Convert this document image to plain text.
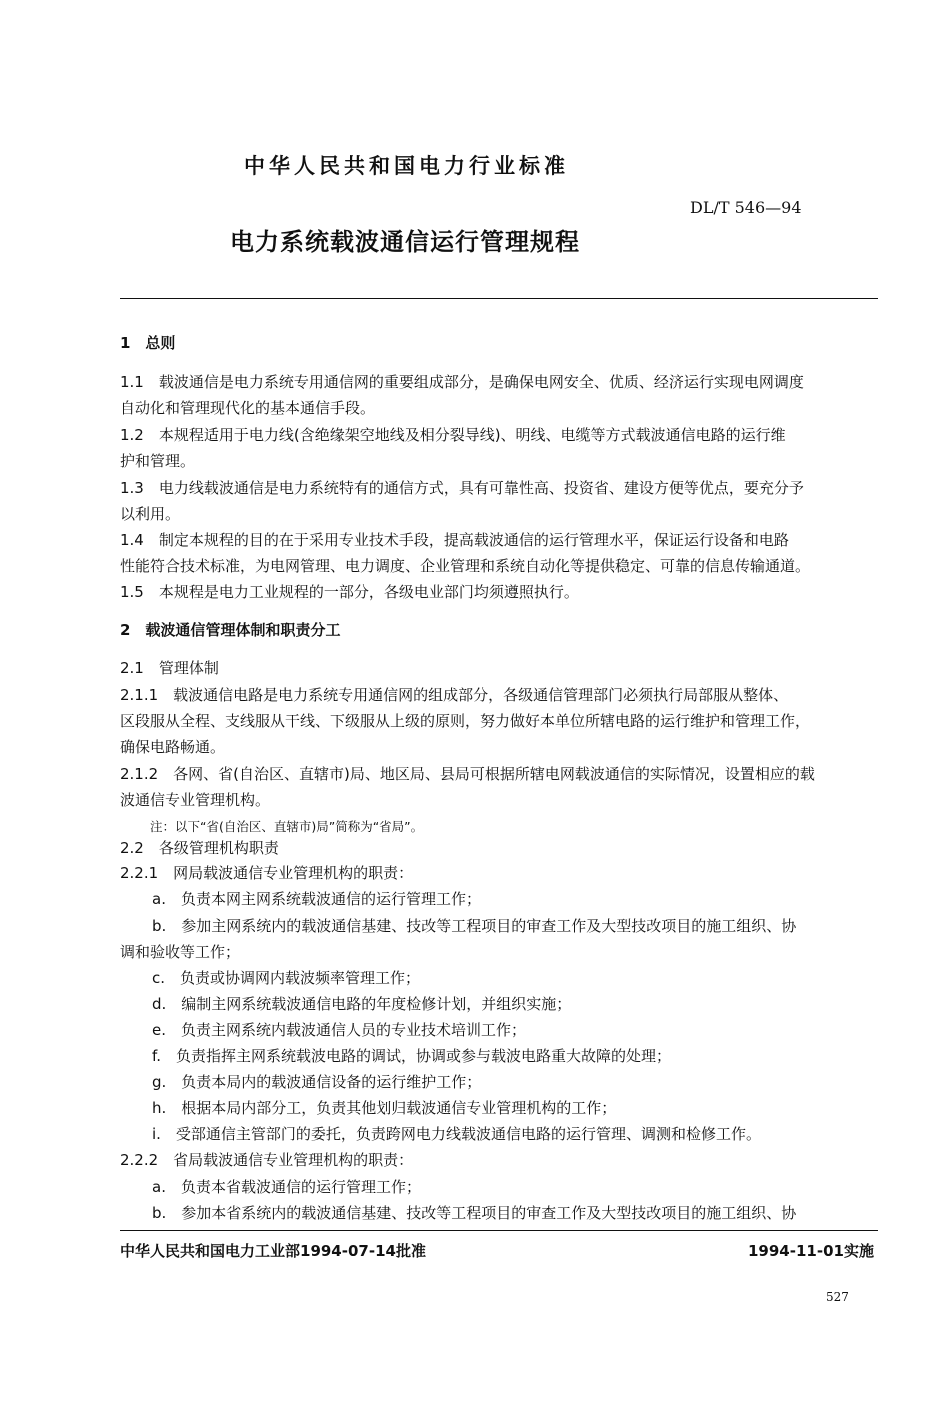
中华人民共和国电力行业标准
DL/T 546—94
电力系统载波通信运行管理规程
1　总则
1.1　载波通信是电力系统专用通信网的重要组成部分，是确保电网安全、优质、经济运行实现电网调度
自动化和管理现代化的基本通信手段。
1.2　本规程适用于电力线(含绝缘架空地线及相分裂导线)、明线、电缆等方式载波通信电路的运行维
护和管理。
1.3　电力线载波通信是电力系统特有的通信方式，具有可靠性高、投资省、建设方便等优点，要充分予
以利用。
1.4　制定本规程的目的在于采用专业技术手段，提高载波通信的运行管理水平，保证运行设备和电路
性能符合技术标准，为电网管理、电力调度、企业管理和系统自动化等提供稳定、可靠的信息传输通道。
1.5　本规程是电力工业规程的一部分，各级电业部门均须遵照执行。
2　载波通信管理体制和职责分工
2.1　管理体制
2.1.1　载波通信电路是电力系统专用通信网的组成部分，各级通信管理部门必须执行局部服从整体、
区段服从全程、支线服从干线、下级服从上级的原则，努力做好本单位所辖电路的运行维护和管理工作，
确保电路畅通。
2.1.2　各网、省(自治区、直辖市)局、地区局、县局可根据所辖电网载波通信的实际情况，设置相应的载
波通信专业管理机构。
注：以下“省(自治区、直辖市)局”简称为“省局”。
2.2　各级管理机构职责
2.2.1　网局载波通信专业管理机构的职责：
a.　负责本网主网系统载波通信的运行管理工作；
b.　参加主网系统内的载波通信基建、技改等工程项目的审查工作及大型技改项目的施工组织、协
调和验收等工作；
c.　负责或协调网内载波频率管理工作；
d.　编制主网系统载波通信电路的年度检修计划，并组织实施；
e.　负责主网系统内载波通信人员的专业技术培训工作；
f.　负责指挥主网系统载波电路的调试，协调或参与载波电路重大故障的处理；
g.　负责本局内的载波通信设备的运行维护工作；
h.　根据本局内部分工，负责其他划归载波通信专业管理机构的工作；
i.　受部通信主管部门的委托，负责跨网电力线载波通信电路的运行管理、调测和检修工作。
2.2.2　省局载波通信专业管理机构的职责：
a.　负责本省载波通信的运行管理工作；
b.　参加本省系统内的载波通信基建、技改等工程项目的审查工作及大型技改项目的施工组织、协
中华人民共和国电力工业部1994-07-14批准	1994-11-01实施
527
